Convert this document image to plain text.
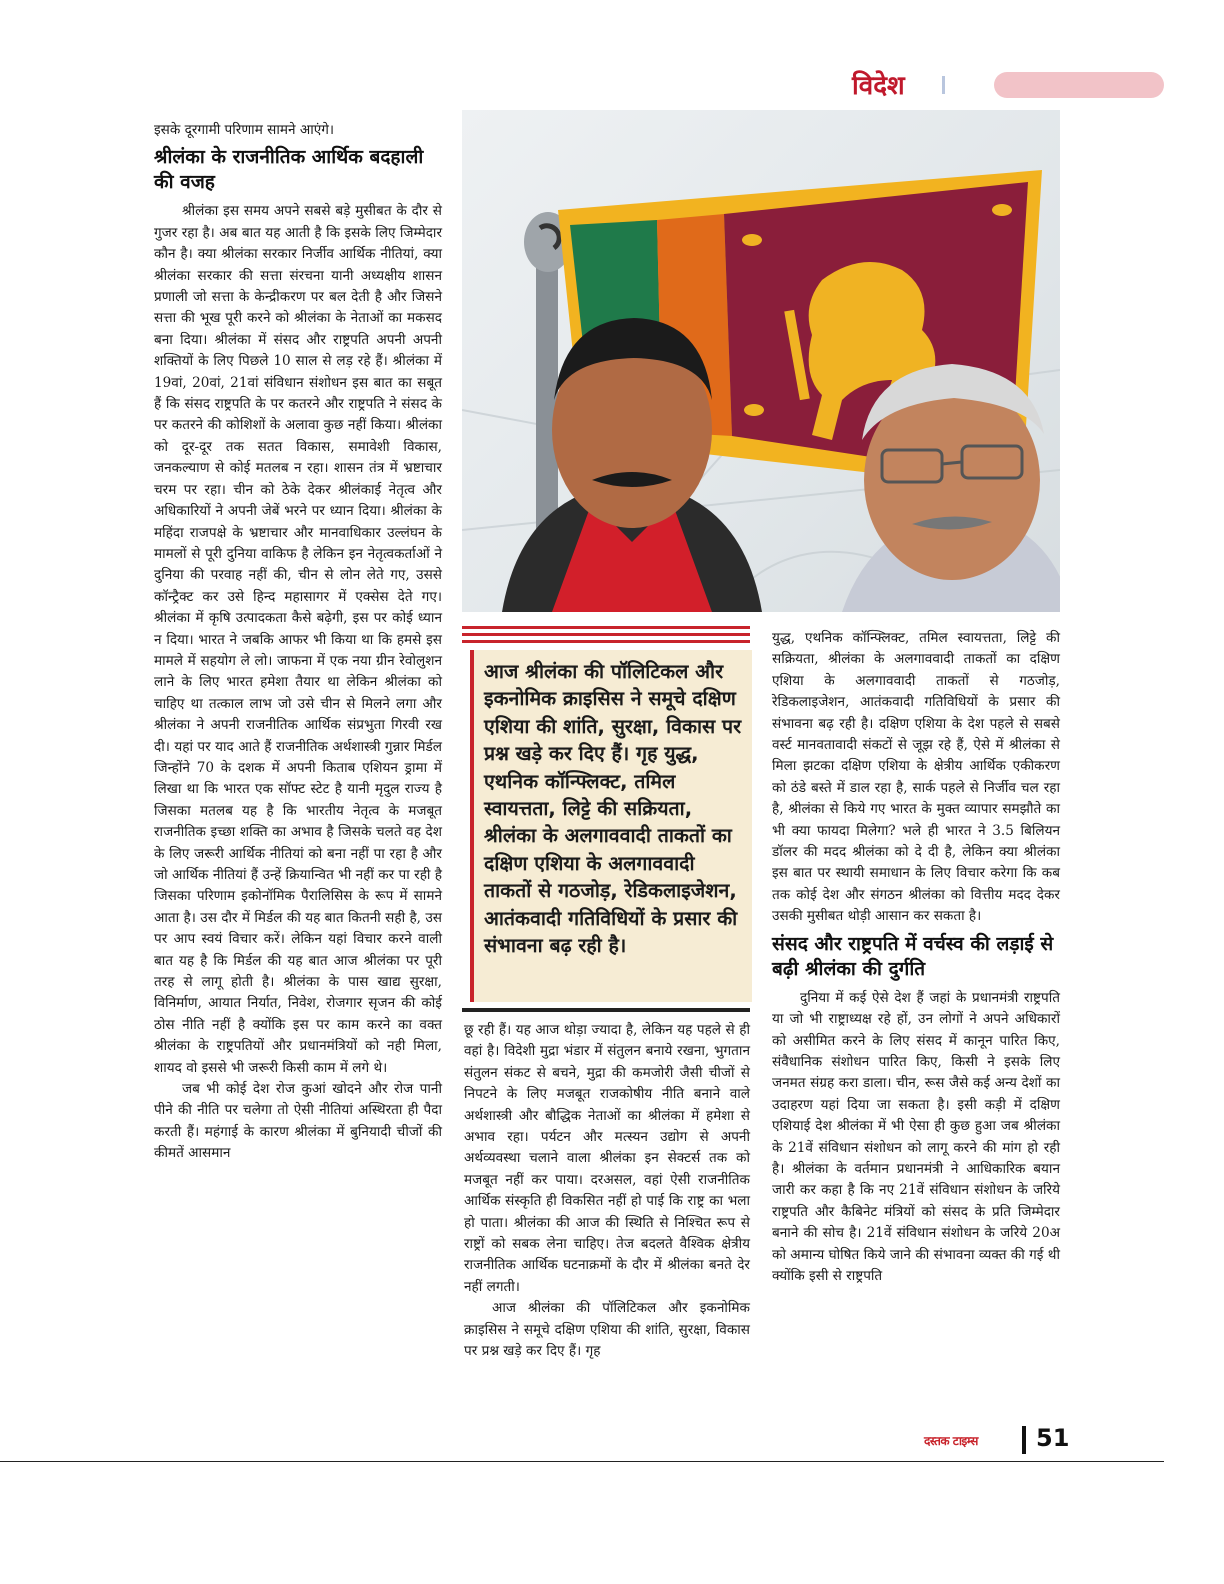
विदेश

इसके दूरगामी परिणाम सामने आएंगे।

श्रीलंका के राजनीतिक आर्थिक बदहाली की वजह

श्रीलंका इस समय अपने सबसे बड़े मुसीबत के दौर से गुजर रहा है। अब बात यह आती है कि इसके लिए जिम्मेदार कौन है। क्या श्रीलंका सरकार निर्जीव आर्थिक नीतियां, क्या श्रीलंका सरकार की सत्ता संरचना यानी अध्यक्षीय शासन प्रणाली जो सत्ता के केन्द्रीकरण पर बल देती है और जिसने सत्ता की भूख पूरी करने को श्रीलंका के नेताओं का मकसद बना दिया। श्रीलंका में संसद और राष्ट्रपति अपनी अपनी शक्तियों के लिए पिछले 10 साल से लड़ रहे हैं। श्रीलंका में 19वां, 20वां, 21वां संविधान संशोधन इस बात का सबूत हैं कि संसद राष्ट्रपति के पर कतरने और राष्ट्रपति ने संसद के पर कतरने की कोशिशों के अलावा कुछ नहीं किया। श्रीलंका को दूर-दूर तक सतत विकास, समावेशी विकास, जनकल्याण से कोई मतलब न रहा। शासन तंत्र में भ्रष्टाचार चरम पर रहा। चीन को ठेके देकर श्रीलंकाई नेतृत्व और अधिकारियों ने अपनी जेबें भरने पर ध्यान दिया। श्रीलंका के महिंदा राजपक्षे के भ्रष्टाचार और मानवाधिकार उल्लंघन के मामलों से पूरी दुनिया वाकिफ है लेकिन इन नेतृत्वकर्ताओं ने दुनिया की परवाह नहीं की, चीन से लोन लेते गए, उससे कॉन्ट्रैक्ट कर उसे हिन्द महासागर में एक्सेस देते गए। श्रीलंका में कृषि उत्पादकता कैसे बढ़ेगी, इस पर कोई ध्यान न दिया। भारत ने जबकि आफर भी किया था कि हमसे इस मामले में सहयोग ले लो। जाफना में एक नया ग्रीन रेवोलुशन लाने के लिए भारत हमेशा तैयार था लेकिन श्रीलंका को चाहिए था तत्काल लाभ जो उसे चीन से मिलने लगा और श्रीलंका ने अपनी राजनीतिक आर्थिक संप्रभुता गिरवी रख दी। यहां पर याद आते हैं राजनीतिक अर्थशास्त्री गुन्नार मिर्डल जिन्होंने 70 के दशक में अपनी किताब एशियन ड्रामा में लिखा था कि भारत एक सॉफ्ट स्टेट है यानी मृदुल राज्य है जिसका मतलब यह है कि भारतीय नेतृत्व के मजबूत राजनीतिक इच्छा शक्ति का अभाव है जिसके चलते वह देश के लिए जरूरी आर्थिक नीतियां को बना नहीं पा रहा है और जो आर्थिक नीतियां हैं उन्हें क्रियान्वित भी नहीं कर पा रही है जिसका परिणाम इकोनॉमिक पैरालिसिस के रूप में सामने आता है। उस दौर में मिर्डल की यह बात कितनी सही है, उस पर आप स्वयं विचार करें। लेकिन यहां विचार करने वाली बात यह है कि मिर्डल की यह बात आज श्रीलंका पर पूरी तरह से लागू होती है। श्रीलंका के पास खाद्य सुरक्षा, विनिर्माण, आयात निर्यात, निवेश, रोजगार सृजन की कोई ठोस नीति नहीं है क्योंकि इस पर काम करने का वक्त श्रीलंका के राष्ट्रपतियों और प्रधानमंत्रियों को नही मिला, शायद वो इससे भी जरूरी किसी काम में लगे थे।

जब भी कोई देश रोज कुआं खोदने और रोज पानी पीने की नीति पर चलेगा तो ऐसी नीतियां अस्थिरता ही पैदा करती हैं। महंगाई के कारण श्रीलंका में बुनियादी चीजों की कीमतें आसमान

आज श्रीलंका की पॉलिटिकल और इकनोमिक क्राइसिस ने समूचे दक्षिण एशिया की शांति, सुरक्षा, विकास पर प्रश्न खड़े कर दिए हैं। गृह युद्ध, एथनिक कॉन्फ्लिक्ट, तमिल स्वायत्तता, लिट्टे की सक्रियता, श्रीलंका के अलगाववादी ताकतों का दक्षिण एशिया के अलगाववादी ताकतों से गठजोड़, रेडिकलाइजेशन, आतंकवादी गतिविधियों के प्रसार की संभावना बढ़ रही है।

छू रही हैं। यह आज थोड़ा ज्यादा है, लेकिन यह पहले से ही वहां है। विदेशी मुद्रा भंडार में संतुलन बनाये रखना, भुगतान संतुलन संकट से बचने, मुद्रा की कमजोरी जैसी चीजों से निपटने के लिए मजबूत राजकोषीय नीति बनाने वाले अर्थशास्त्री और बौद्धिक नेताओं का श्रीलंका में हमेशा से अभाव रहा। पर्यटन और मत्स्यन उद्योग से अपनी अर्थव्यवस्था चलाने वाला श्रीलंका इन सेक्टर्स तक को मजबूत नहीं कर पाया। दरअसल, वहां ऐसी राजनीतिक आर्थिक संस्कृति ही विकसित नहीं हो पाई कि राष्ट्र का भला हो पाता। श्रीलंका की आज की स्थिति से निश्चित रूप से राष्ट्रों को सबक लेना चाहिए। तेज बदलते वैश्विक क्षेत्रीय राजनीतिक आर्थिक घटनाक्रमों के दौर में श्रीलंका बनते देर नहीं लगती।

आज श्रीलंका की पॉलिटिकल और इकनोमिक क्राइसिस ने समूचे दक्षिण एशिया की शांति, सुरक्षा, विकास पर प्रश्न खड़े कर दिए हैं। गृह

युद्ध, एथनिक कॉन्फ्लिक्ट, तमिल स्वायत्तता, लिट्टे की सक्रियता, श्रीलंका के अलगाववादी ताकतों का दक्षिण एशिया के अलगाववादी ताकतों से गठजोड़, रेडिकलाइजेशन, आतंकवादी गतिविधियों के प्रसार की संभावना बढ़ रही है। दक्षिण एशिया के देश पहले से सबसे वर्स्ट मानवतावादी संकटों से जूझ रहे हैं, ऐसे में श्रीलंका से मिला झटका दक्षिण एशिया के क्षेत्रीय आर्थिक एकीकरण को ठंडे बस्ते में डाल रहा है, सार्क पहले से निर्जीव चल रहा है, श्रीलंका से किये गए भारत के मुक्त व्यापार समझौते का भी क्या फायदा मिलेगा? भले ही भारत ने 3.5 बिलियन डॉलर की मदद श्रीलंका को दे दी है, लेकिन क्या श्रीलंका इस बात पर स्थायी समाधान के लिए विचार करेगा कि कब तक कोई देश और संगठन श्रीलंका को वित्तीय मदद देकर उसकी मुसीबत थोड़ी आसान कर सकता है।

संसद और राष्ट्रपति में वर्चस्व की लड़ाई से बढ़ी श्रीलंका की दुर्गति

दुनिया में कई ऐसे देश हैं जहां के प्रधानमंत्री राष्ट्रपति या जो भी राष्ट्राध्यक्ष रहे हों, उन लोगों ने अपने अधिकारों को असीमित करने के लिए संसद में कानून पारित किए, संवैधानिक संशोधन पारित किए, किसी ने इसके लिए जनमत संग्रह करा डाला। चीन, रूस जैसे कई अन्य देशों का उदाहरण यहां दिया जा सकता है। इसी कड़ी में दक्षिण एशियाई देश श्रीलंका में भी ऐसा ही कुछ हुआ जब श्रीलंका के 21वें संविधान संशोधन को लागू करने की मांग हो रही है। श्रीलंका के वर्तमान प्रधानमंत्री ने आधिकारिक बयान जारी कर कहा है कि नए 21वें संविधान संशोधन के जरिये राष्ट्रपति और कैबिनेट मंत्रियों को संसद के प्रति जिम्मेदार बनाने की सोच है। 21वें संविधान संशोधन के जरिये 20अ को अमान्य घोषित किये जाने की संभावना व्यक्त की गई थी क्योंकि इसी से राष्ट्रपति

दस्तक टाइम्स 51
